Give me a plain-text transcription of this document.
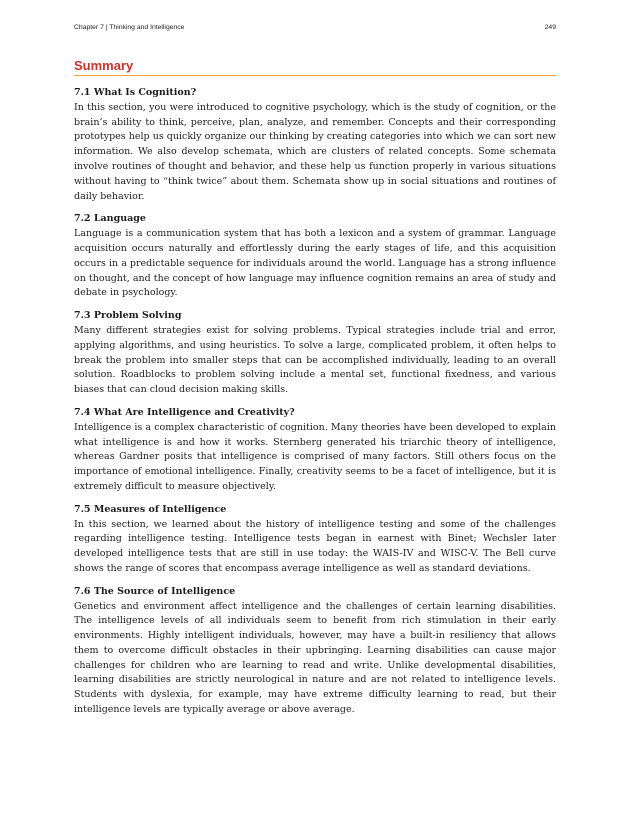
Chapter 7 | Thinking and Intelligence	249
Summary
7.1 What Is Cognition?

In this section, you were introduced to cognitive psychology, which is the study of cognition, or the brain’s ability to think, perceive, plan, analyze, and remember. Concepts and their corresponding prototypes help us quickly organize our thinking by creating categories into which we can sort new information. We also develop schemata, which are clusters of related concepts. Some schemata involve routines of thought and behavior, and these help us function properly in various situations without having to “think twice” about them. Schemata show up in social situations and routines of daily behavior.

7.2 Language

Language is a communication system that has both a lexicon and a system of grammar. Language acquisition occurs naturally and effortlessly during the early stages of life, and this acquisition occurs in a predictable sequence for individuals around the world. Language has a strong influence on thought, and the concept of how language may influence cognition remains an area of study and debate in psychology.

7.3 Problem Solving

Many different strategies exist for solving problems. Typical strategies include trial and error, applying algorithms, and using heuristics. To solve a large, complicated problem, it often helps to break the problem into smaller steps that can be accomplished individually, leading to an overall solution. Roadblocks to problem solving include a mental set, functional fixedness, and various biases that can cloud decision making skills.

7.4 What Are Intelligence and Creativity?

Intelligence is a complex characteristic of cognition. Many theories have been developed to explain what intelligence is and how it works. Sternberg generated his triarchic theory of intelligence, whereas Gardner posits that intelligence is comprised of many factors. Still others focus on the importance of emotional intelligence. Finally, creativity seems to be a facet of intelligence, but it is extremely difficult to measure objectively.

7.5 Measures of Intelligence

In this section, we learned about the history of intelligence testing and some of the challenges regarding intelligence testing. Intelligence tests began in earnest with Binet; Wechsler later developed intelligence tests that are still in use today: the WAIS-IV and WISC-V. The Bell curve shows the range of scores that encompass average intelligence as well as standard deviations.

7.6 The Source of Intelligence

Genetics and environment affect intelligence and the challenges of certain learning disabilities. The intelligence levels of all individuals seem to benefit from rich stimulation in their early environments. Highly intelligent individuals, however, may have a built-in resiliency that allows them to overcome difficult obstacles in their upbringing. Learning disabilities can cause major challenges for children who are learning to read and write. Unlike developmental disabilities, learning disabilities are strictly neurological in nature and are not related to intelligence levels. Students with dyslexia, for example, may have extreme difficulty learning to read, but their intelligence levels are typically average or above average.
